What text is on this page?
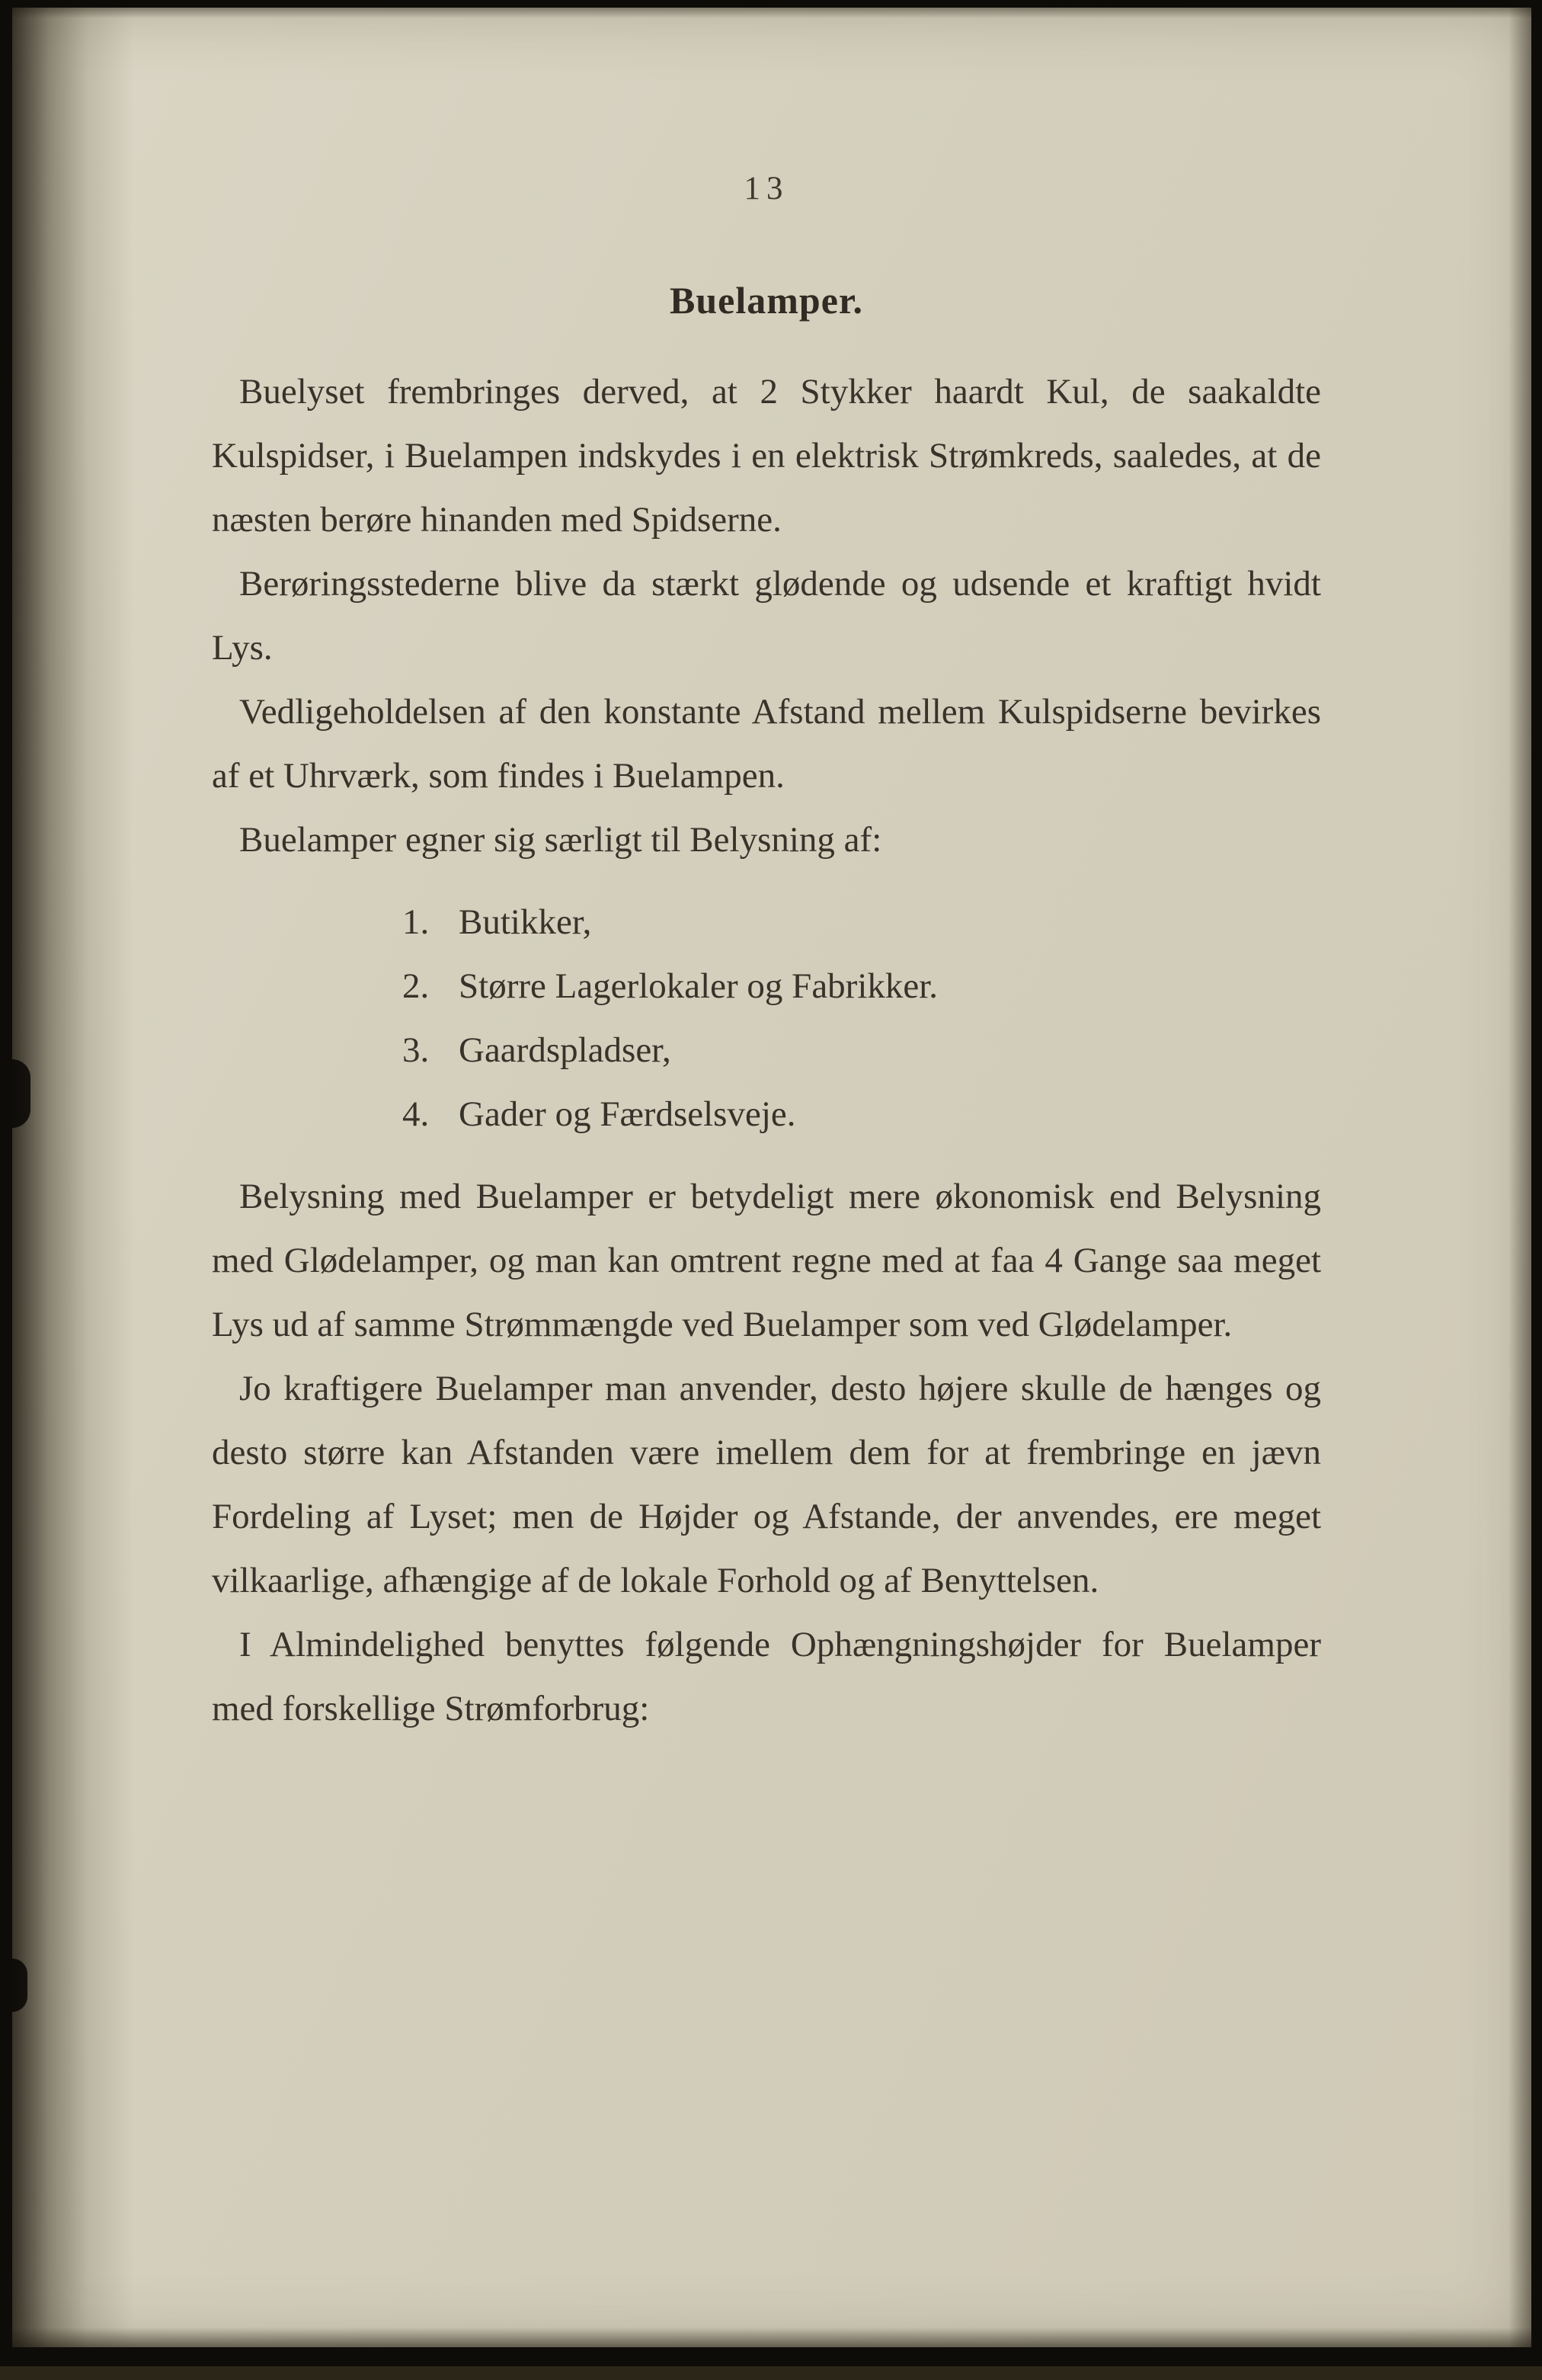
13
Buelamper.

Buelyset frembringes derved, at 2 Stykker haardt Kul, de saakaldte Kulspidser, i Buelampen indskydes i en elektrisk Strømkreds, saaledes, at de næsten berøre hinanden med Spidserne.

Berøringsstederne blive da stærkt glødende og udsende et kraftigt hvidt Lys.

Vedligeholdelsen af den konstante Afstand mellem Kulspidserne bevirkes af et Uhrværk, som findes i Buelampen.

Buelamper egner sig særligt til Belysning af:

1. Butikker,
2. Større Lagerlokaler og Fabrikker.
3. Gaardspladser,
4. Gader og Færdselsveje.

Belysning med Buelamper er betydeligt mere økonomisk end Belysning med Glødelamper, og man kan omtrent regne med at faa 4 Gange saa meget Lys ud af samme Strømmængde ved Buelamper som ved Glødelamper.

Jo kraftigere Buelamper man anvender, desto højere skulle de hænges og desto større kan Afstanden være imellem dem for at frembringe en jævn Fordeling af Lyset; men de Højder og Afstande, der anvendes, ere meget vilkaarlige, afhængige af de lokale Forhold og af Benyttelsen.

I Almindelighed benyttes følgende Ophængningshøjder for Buelamper med forskellige Strømforbrug:
